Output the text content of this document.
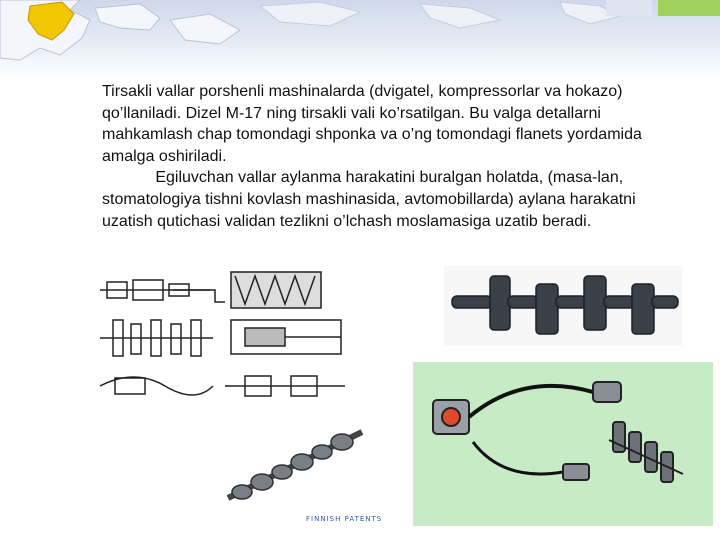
Tirsakli vallar porshenli mashinalarda (dvigatel, kompressorlar va hokazo) qo’llaniladi. Dizel M-17 ning tirsakli vali ko’rsatilgan. Bu valga detallarni mahkamlash chap tomondagi shponka va o’ng tomondagi flanets yordamida amalga oshiriladi.
Egiluvchan vallar aylanma harakatini buralgan holatda, (masa-lan, stomatologiya tishni kovlash mashinasida, avtomobillarda) aylana harakatni uzatish qutichasi validan tezlikni o’lchash moslamasiga uzatib beradi.
FINNISH PATENTS
